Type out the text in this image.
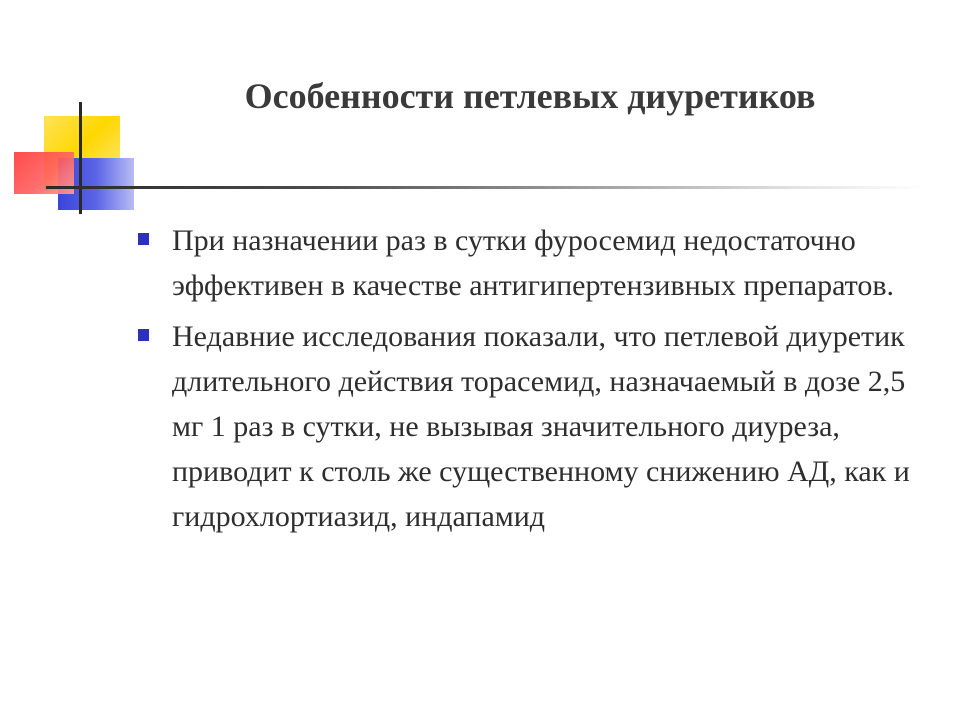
Особенности петлевых диуретиков
При назначении раз в сутки фуросемид недостаточно эффективен в качестве антигипертензивных препаратов.
Недавние исследования показали, что петлевой диуретик длительного действия торасемид, назначаемый в дозе 2,5 мг 1 раз в сутки, не вызывая значительного диуреза, приводит к столь же существенному снижению АД, как и гидрохлортиазид, индапамид
